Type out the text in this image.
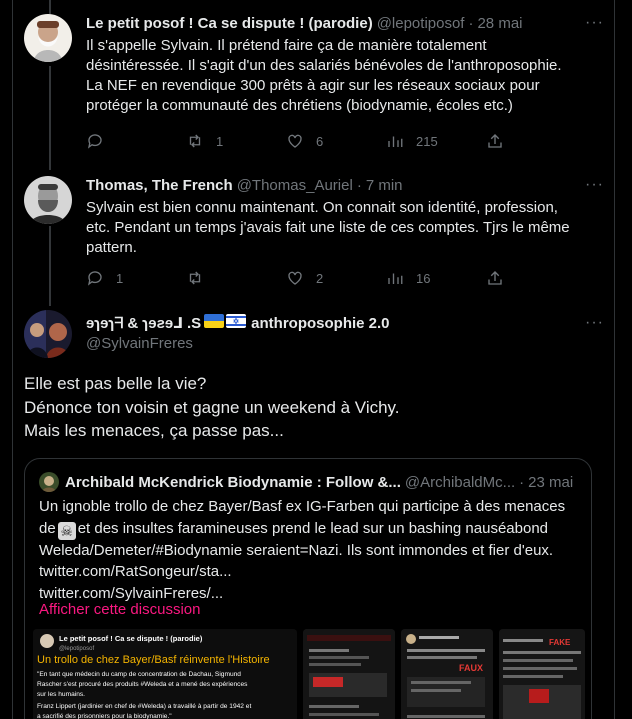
Le petit posof ! Ca se dispute ! (parodie) @lepotiposof · 28 mai	···
Il s'appelle Sylvain. Il prétend faire ça de manière totalement
désintéressée. Il s'agit d'un des salariés bénévoles de l'anthroposophie.
La NEF en revendique 300 prêts à agir sur les réseaux sociaux pour
protéger la communauté des chrétiens (biodynamie, écoles etc.)
1	6	215
Thomas, The French @Thomas_Auriel · 7 min	···
Sylvain est bien connu maintenant. On connait son identité, profession,
etc. Pendant un temps j'avais fait une liste de ces comptes. Tjrs le même
pattern.
1	2	16
ɘɿɘɿᖷ & ɿɘƨɘ⅃ .S	anthroposophie 2.0
@SylvainFreres
···
Elle est pas belle la vie?
Dénonce ton voisin et gagne un weekend à Vichy.
Mais les menaces, ça passe pas...
Archibald McKendrick Biodynamie : Follow &... @ArchibaldMc... · 23 mai
Un ignoble trollo de chez Bayer/Basf ex IG-Farben qui participe à des menaces
de ☠ et des insultes faramineuses prend le lead sur un bashing nauséabond
Weleda/Demeter/#Biodynamie seraient=Nazi. Ils sont immondes et fier d'eux.
twitter.com/RatSongeur/sta...
twitter.com/SylvainFreres/...
Afficher cette discussion
Le petit posof ! Ca se dispute ! (parodie)
@lepotiposof
Un trollo de chez Bayer/Basf réinvente l'Histoire
"En tant que médecin du camp de concentration de Dachau, Sigmund
Rascher s'est procuré des produits #Weleda et a mené des expériences
sur les humains.
Franz Lippert (jardinier en chef de #Weleda) a travaillé à partir de 1942 et
a sacrifié des prisonniers pour la biodynamie."
FAUX
FAKE
